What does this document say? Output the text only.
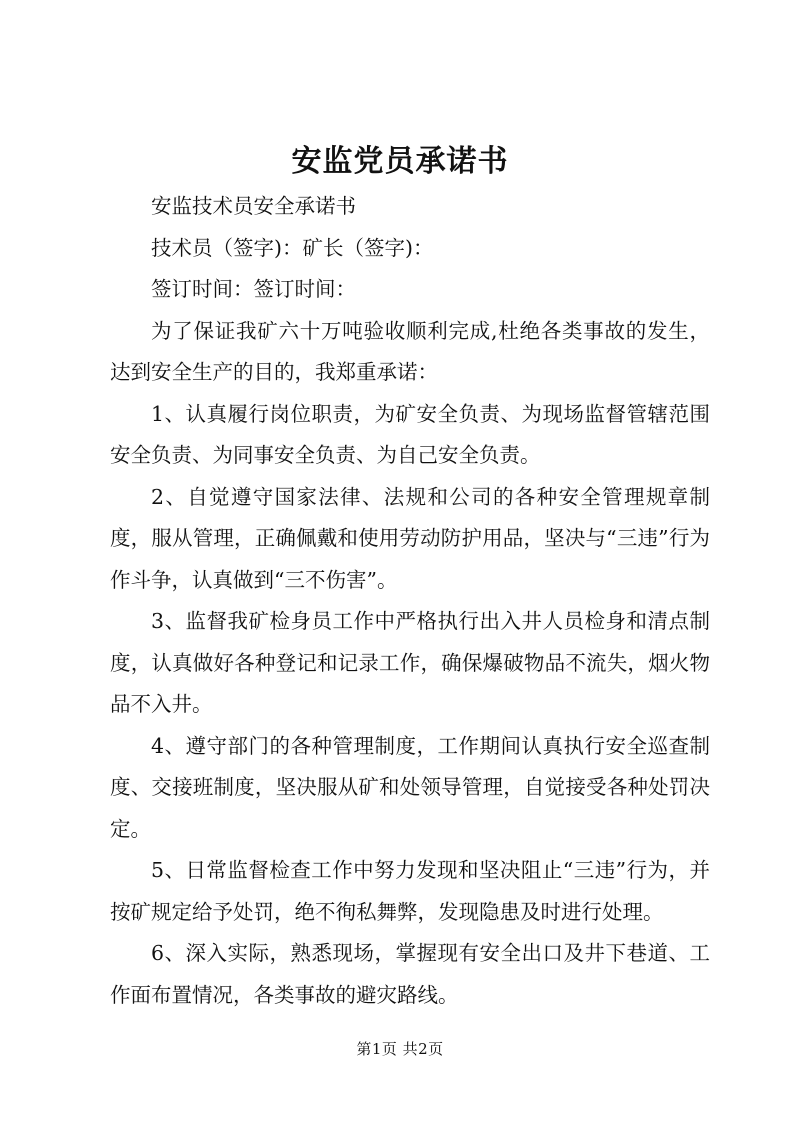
安监党员承诺书

安监技术员安全承诺书

技术员（签字)：矿长（签字)：

签订时间：签订时间：

为了保证我矿六十万吨验收顺利完成,杜绝各类事故的发生，达到安全生产的目的，我郑重承诺：

1、认真履行岗位职责，为矿安全负责、为现场监督管辖范围安全负责、为同事安全负责、为自己安全负责。

2、自觉遵守国家法律、法规和公司的各种安全管理规章制度，服从管理，正确佩戴和使用劳动防护用品，坚决与“三违”行为作斗争，认真做到“三不伤害”。

3、监督我矿检身员工作中严格执行出入井人员检身和清点制度，认真做好各种登记和记录工作，确保爆破物品不流失，烟火物品不入井。

4、遵守部门的各种管理制度，工作期间认真执行安全巡查制度、交接班制度，坚决服从矿和处领导管理，自觉接受各种处罚决定。

5、日常监督检查工作中努力发现和坚决阻止“三违”行为，并按矿规定给予处罚，绝不徇私舞弊，发现隐患及时进行处理。

6、深入实际，熟悉现场，掌握现有安全出口及井下巷道、工作面布置情况，各类事故的避灾路线。

第1页 共2页
